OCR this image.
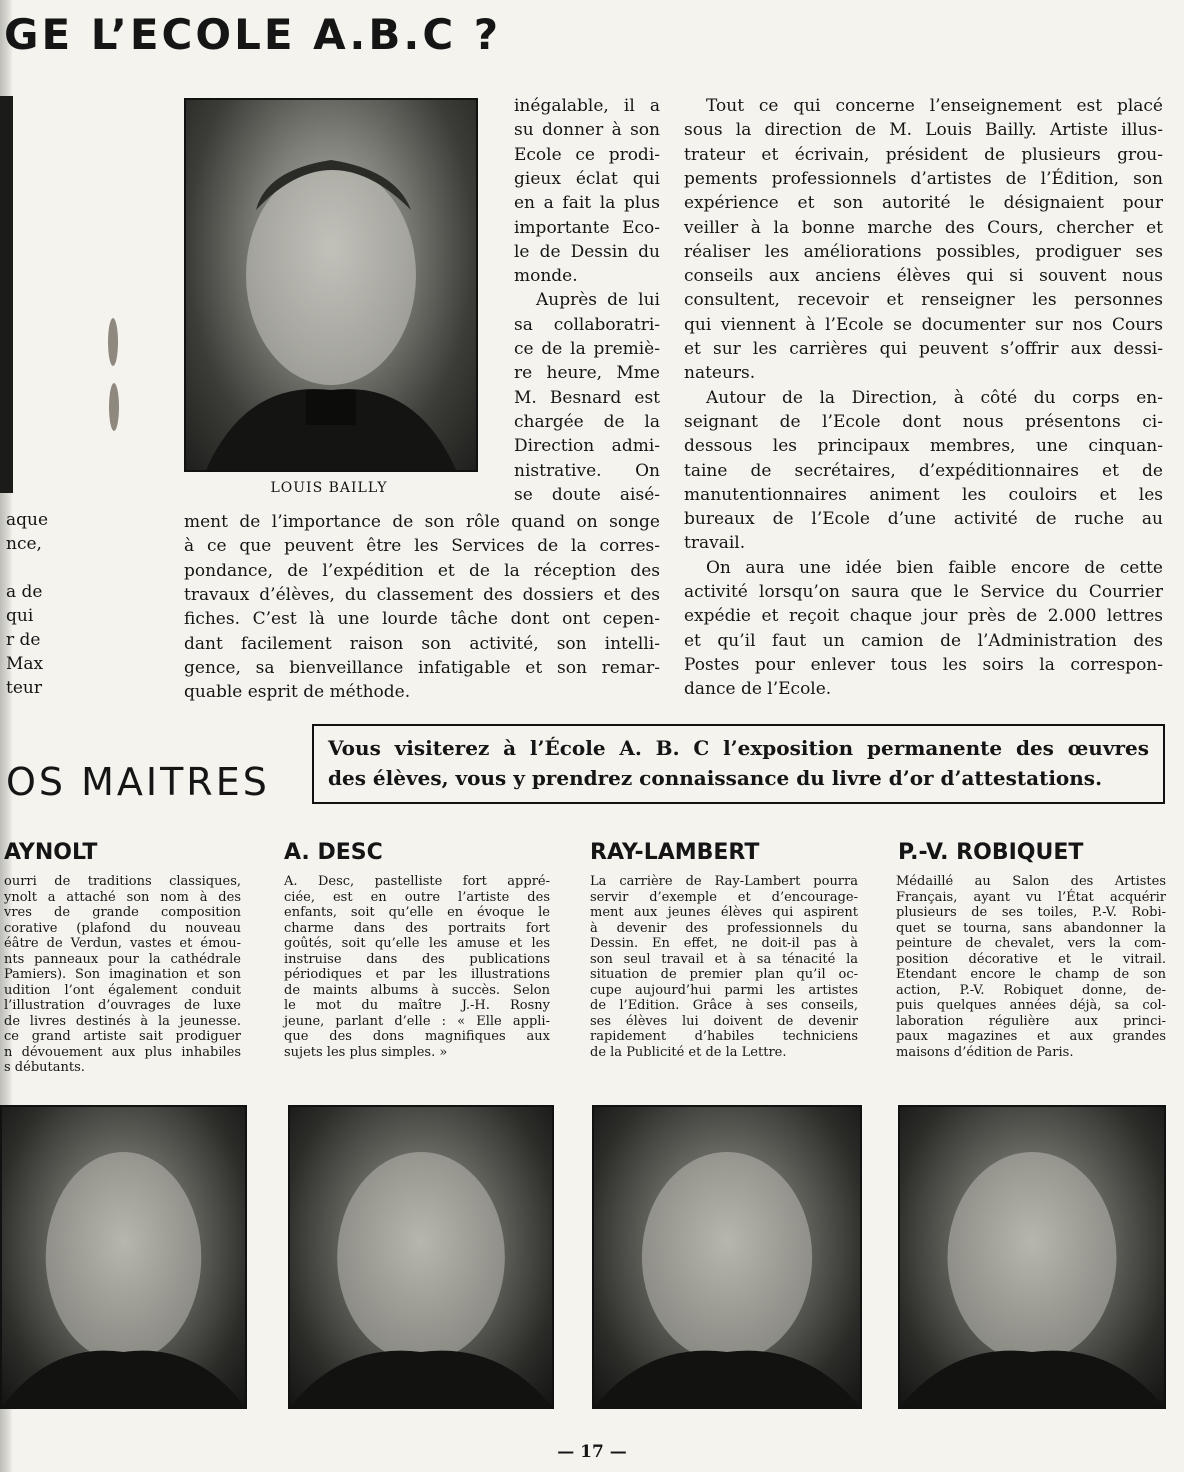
GE L’ECOLE A.B.C ?
aque
nce,
a de
qui
r de
Max
teur
LOUIS BAILLY
inégalable, il a
su donner à son
Ecole ce prodi-
gieux éclat qui
en a fait la plus
importante Eco-
le de Dessin du
monde.
Auprès de lui
sa collaboratri-
ce de la premiè-
re heure, Mme
M. Besnard est
chargée de la
Direction admi-
nistrative. On
se doute aisé-
ment de l’importance de son rôle quand on songe
à ce que peuvent être les Services de la corres-
pondance, de l’expédition et de la réception des
travaux d’élèves, du classement des dossiers et des
fiches. C’est là une lourde tâche dont ont cepen-
dant facilement raison son activité, son intelli-
gence, sa bienveillance infatigable et son remar-
quable esprit de méthode.
Tout ce qui concerne l’enseignement est placé
sous la direction de M. Louis Bailly. Artiste illus-
trateur et écrivain, président de plusieurs grou-
pements professionnels d’artistes de l’Édition, son
expérience et son autorité le désignaient pour
veiller à la bonne marche des Cours, chercher et
réaliser les améliorations possibles, prodiguer ses
conseils aux anciens élèves qui si souvent nous
consultent, recevoir et renseigner les personnes
qui viennent à l’Ecole se documenter sur nos Cours
et sur les carrières qui peuvent s’offrir aux dessi-
nateurs.
Autour de la Direction, à côté du corps en-
seignant de l’Ecole dont nous présentons ci-
dessous les principaux membres, une cinquan-
taine de secrétaires, d’expéditionnaires et de
manutentionnaires animent les couloirs et les
bureaux de l’Ecole d’une activité de ruche au
travail.
On aura une idée bien faible encore de cette
activité lorsqu’on saura que le Service du Courrier
expédie et reçoit chaque jour près de 2.000 lettres
et qu’il faut un camion de l’Administration des
Postes pour enlever tous les soirs la correspon-
dance de l’Ecole.
Vous visiterez à l’École A. B. C l’exposition permanente des œuvres
des élèves, vous y prendrez connaissance du livre d’or d’attestations.
OS MAITRES
AYNOLT
ourri de traditions classiques,
ynolt a attaché son nom à des
vres de grande composition
corative (plafond du nouveau
éâtre de Verdun, vastes et émou-
nts panneaux pour la cathédrale
Pamiers). Son imagination et son
udition l’ont également conduit
l’illustration d’ouvrages de luxe
de livres destinés à la jeunesse.
ce grand artiste sait prodiguer
n dévouement aux plus inhabiles
s débutants.
A. DESC
A. Desc, pastelliste fort appré-
ciée, est en outre l’artiste des
enfants, soit qu’elle en évoque le
charme dans des portraits fort
goûtés, soit qu’elle les amuse et les
instruise dans des publications
périodiques et par les illustrations
de maints albums à succès. Selon
le mot du maître J.-H. Rosny
jeune, parlant d’elle : « Elle appli-
que des dons magnifiques aux
sujets les plus simples. »
RAY-LAMBERT
La carrière de Ray-Lambert pourra
servir d’exemple et d’encourage-
ment aux jeunes élèves qui aspirent
à devenir des professionnels du
Dessin. En effet, ne doit-il pas à
son seul travail et à sa ténacité la
situation de premier plan qu’il oc-
cupe aujourd’hui parmi les artistes
de l’Edition. Grâce à ses conseils,
ses élèves lui doivent de devenir
rapidement d’habiles techniciens
de la Publicité et de la Lettre.
P.-V. ROBIQUET
Médaillé au Salon des Artistes
Français, ayant vu l’État acquérir
plusieurs de ses toiles, P.-V. Robi-
quet se tourna, sans abandonner la
peinture de chevalet, vers la com-
position décorative et le vitrail.
Etendant encore le champ de son
action, P.-V. Robiquet donne, de-
puis quelques années déjà, sa col-
laboration régulière aux princi-
paux magazines et aux grandes
maisons d’édition de Paris.
— 17 —
